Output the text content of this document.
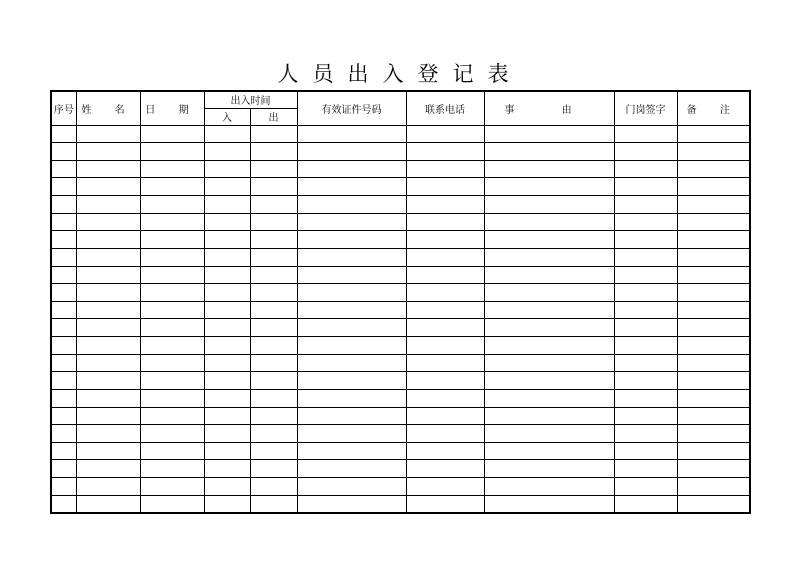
人员出入登记表
序号	姓 名	日 期	出入时间		有效证件号码	联系电话	事 由	门岗签字	备 注
			入	出					
